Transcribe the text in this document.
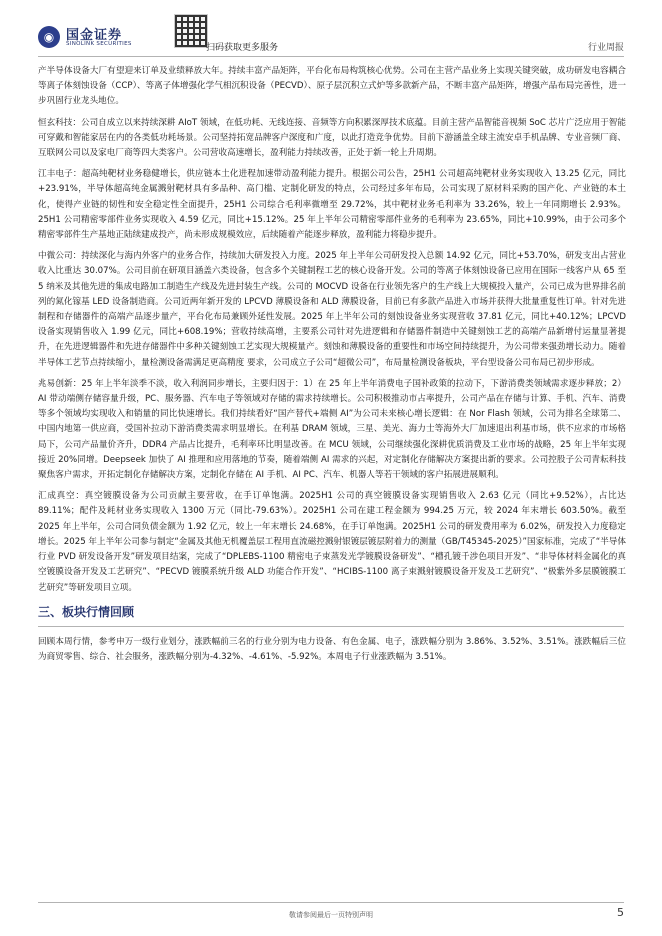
◉ 国金证券
SINOLINK SECURITIES	扫码获取更多服务	行业周报

产半导体设备大厂有望迎来订单及业绩释放大年。持续丰富产品矩阵，平台化布局构筑核心优势。公司在主营产品业务上实现关键突破，成功研发电容耦合等离子体刻蚀设备（CCP）、等离子体增强化学气相沉积设备（PECVD）、原子层沉积立式炉等多款新产品，不断丰富产品矩阵，增强产品布局完善性，进一步巩固行业龙头地位。

恒玄科技：公司自成立以来持续深耕 AIoT 领域，在低功耗、无线连接、音频等方向积累深厚技术底蕴。目前主营产品智能音视频 SoC 芯片广泛应用于智能可穿戴和智能家居在内的各类低功耗场景。公司坚持拓宽品牌客户深度和广度，以此打造竞争优势。目前下游涵盖全球主流安卓手机品牌、专业音频厂商、互联网公司以及家电厂商等四大类客户。公司营收高速增长，盈利能力持续改善，正处于新一轮上升周期。

江丰电子：超高纯靶材业务稳健增长，供应链本土化进程加速带动盈利能力提升。根据公司公告，25H1 公司超高纯靶材业务实现收入 13.25 亿元，同比+23.91%，半导体超高纯金属溅射靶材具有多品种、高门槛、定制化研发的特点，公司经过多年布局，公司实现了原材料采购的国产化、产业链的本土化，使得产业链的韧性和安全稳定性全面提升，25H1 公司综合毛利率微增至 29.72%，其中靶材业务毛利率为 33.26%，较上一年同期增长 2.93%。25H1 公司精密零部件业务实现收入 4.59 亿元，同比+15.12%。25 年上半年公司精密零部件业务的毛利率为 23.65%，同比+10.99%，由于公司多个精密零部件生产基地正陆续建成投产，尚未形成规模效应，后续随着产能逐步释放，盈利能力将稳步提升。

中微公司：持续深化与海内外客户的业务合作，持续加大研发投入力度。2025 年上半年公司研发投入总额 14.92 亿元，同比+53.70%，研发支出占营业收入比重达 30.07%。公司目前在研项目涵盖六类设备，包含多个关键制程工艺的核心设备开发。公司的等离子体刻蚀设备已应用在国际一线客户从 65 至 5 纳米及其他先进的集成电路加工制造生产线及先进封装生产线。公司的 MOCVD 设备在行业领先客户的生产线上大规模投入量产，公司已成为世界排名前列的氮化镓基 LED 设备制造商。公司近两年新开发的 LPCVD 薄膜设备和 ALD 薄膜设备，目前已有多款产品进入市场并获得大批量重复性订单。针对先进制程和存储器件的高端产品逐步量产，平台化布局兼顾外延性发展。2025 年上半年公司的刻蚀设备业务实现营收 37.81 亿元，同比+40.12%；LPCVD 设备实现销售收入 1.99 亿元，同比+608.19%；营收持续高增，主要系公司针对先进逻辑和存储器件制造中关键刻蚀工艺的高端产品新增付运量显著提升，在先进逻辑器件和先进存储器件中多种关键刻蚀工艺实现大规模量产。刻蚀和薄膜设备的重要性和市场空间持续提升，为公司带来强劲增长动力。随着半导体工艺节点持续缩小，量检测设备需满足更高精度 要求，公司成立子公司“超微公司”，布局量检测设备板块，平台型设备公司布局已初步形成。

兆易创新：25 年上半年淡季不淡，收入利润同步增长，主要归因于：1）在 25 年上半年消费电子国补政策的拉动下，下游消费类领域需求逐步释放；2）AI 带动端侧存储容量升级，PC、服务器、汽车电子等领域对存储的需求持续增长。公司积极推动市占率提升，公司产品在存储与计算、手机、汽车、消费等多个领域均实现收入和销量的同比快速增长。我们持续看好“国产替代+端侧 AI”为公司未来核心增长逻辑：在 Nor Flash 领域，公司为排名全球第二、中国内地第一供应商，受国补拉动下游消费类需求明显增长。在利基 DRAM 领域，三星、美光、海力士等海外大厂加速退出利基市场，供不应求的市场格局下，公司产品量价齐升，DDR4 产品占比提升，毛利率环比明显改善。在 MCU 领域，公司继续强化深耕优质消费及工业市场的战略，25 年上半年实现接近 20%同增。Deepseek 加快了 AI 推理和应用落地的节奏，随着端侧 AI 需求的兴起，对定制化存储解决方案提出新的要求。公司控股子公司青耘科技聚焦客户需求，开拓定制化存储解决方案，定制化存储在 AI 手机、AI PC、汽车、机器人等若干领域的客户拓展进展顺利。

汇成真空：真空镀膜设备为公司贡献主要营收，在手订单饱满。2025H1 公司的真空镀膜设备实现销售收入 2.63 亿元（同比+9.52%），占比达 89.11%；配件及耗材业务实现收入 1300 万元（同比-79.63%）。2025H1 公司在建工程金额为 994.25 万元，较 2024 年末增长 603.50%。截至 2025 年上半年，公司合同负债金额为 1.92 亿元，较上一年末增长 24.68%，在手订单饱满。2025H1 公司的研发费用率为 6.02%，研发投入力度稳定增长。2025 年上半年公司参与制定“金属及其他无机覆盖层工程用直流磁控溅射银镀层镀层附着力的测量（GB/T45345-2025）”国家标准，完成了“半导体行业 PVD 研发设备开发”研发项目结案，完成了“DPLEBS-1100 精密电子束蒸发光学镀膜设备研发”、“槽孔镀千涉色项目开发”、“非导体材料金属化的真空镀膜设备开发及工艺研究”、“PECVD 镀膜系统升级 ALD 功能合作开发”、“HCIBS-1100 离子束溅射镀膜设备开发及工艺研究”、“极紫外多层膜镀膜工艺研究”等研发项目立项。

三、板块行情回顾

回顾本周行情，参考申万一级行业划分，涨跌幅前三名的行业分别为电力设备、有色金属、电子，涨跌幅分别为 3.86%、3.52%、3.51%。涨跌幅后三位为商贸零售、综合、社会服务，涨跌幅分别为-4.32%、-4.61%、-5.92%。本周电子行业涨跌幅为 3.51%。

敬请参阅最后一页特别声明	5
